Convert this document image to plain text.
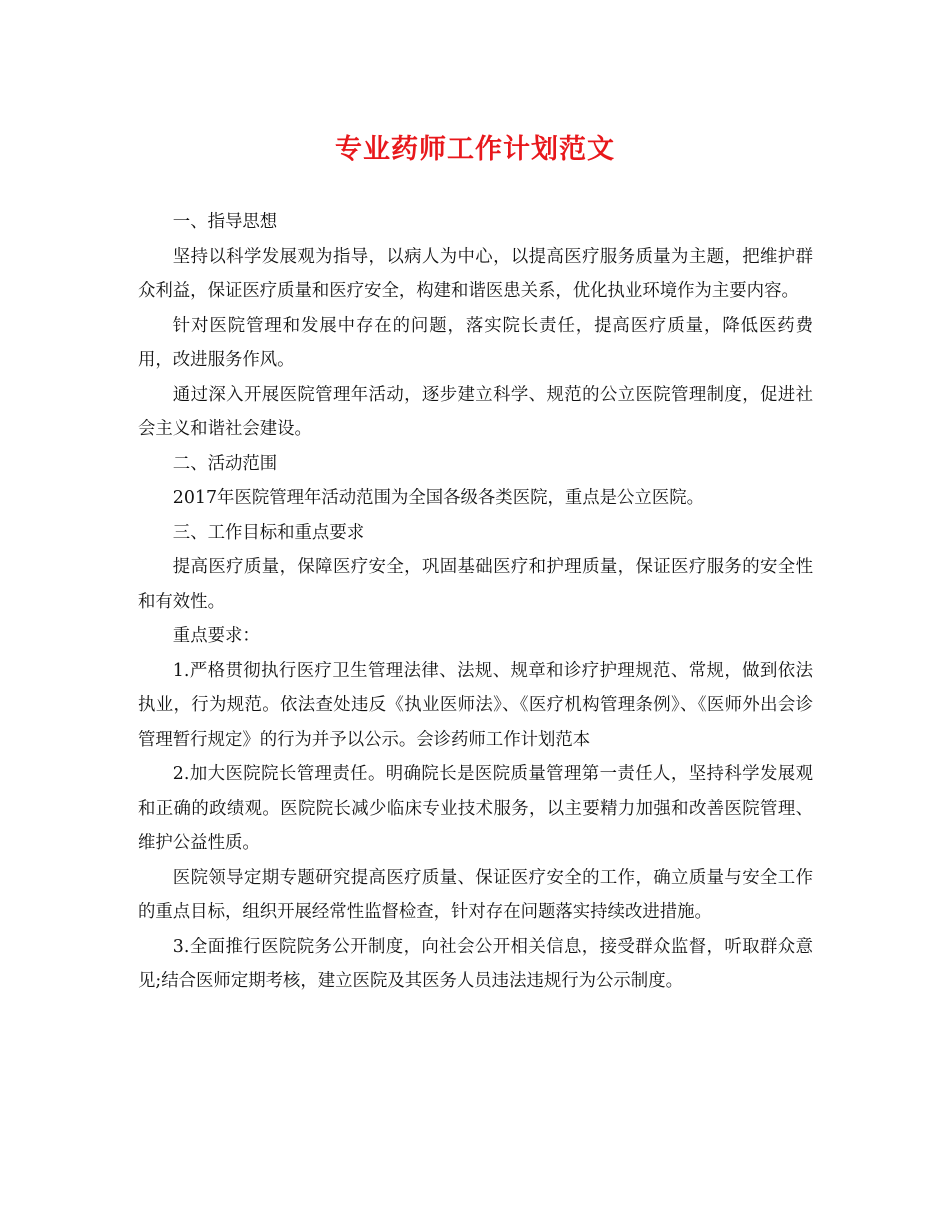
专业药师工作计划范文

一、指导思想

坚持以科学发展观为指导，以病人为中心，以提高医疗服务质量为主题，把维护群众利益，保证医疗质量和医疗安全，构建和谐医患关系，优化执业环境作为主要内容。

针对医院管理和发展中存在的问题，落实院长责任，提高医疗质量，降低医药费用，改进服务作风。

通过深入开展医院管理年活动，逐步建立科学、规范的公立医院管理制度，促进社会主义和谐社会建设。

二、活动范围

2017年医院管理年活动范围为全国各级各类医院，重点是公立医院。

三、工作目标和重点要求

提高医疗质量，保障医疗安全，巩固基础医疗和护理质量，保证医疗服务的安全性和有效性。

重点要求：

1.严格贯彻执行医疗卫生管理法律、法规、规章和诊疗护理规范、常规，做到依法执业，行为规范。依法查处违反《执业医师法》、《医疗机构管理条例》、《医师外出会诊管理暂行规定》的行为并予以公示。会诊药师工作计划范本

2.加大医院院长管理责任。明确院长是医院质量管理第一责任人，坚持科学发展观和正确的政绩观。医院院长减少临床专业技术服务，以主要精力加强和改善医院管理、维护公益性质。

医院领导定期专题研究提高医疗质量、保证医疗安全的工作，确立质量与安全工作的重点目标，组织开展经常性监督检查，针对存在问题落实持续改进措施。

3.全面推行医院院务公开制度，向社会公开相关信息，接受群众监督，听取群众意见;结合医师定期考核，建立医院及其医务人员违法违规行为公示制度。
